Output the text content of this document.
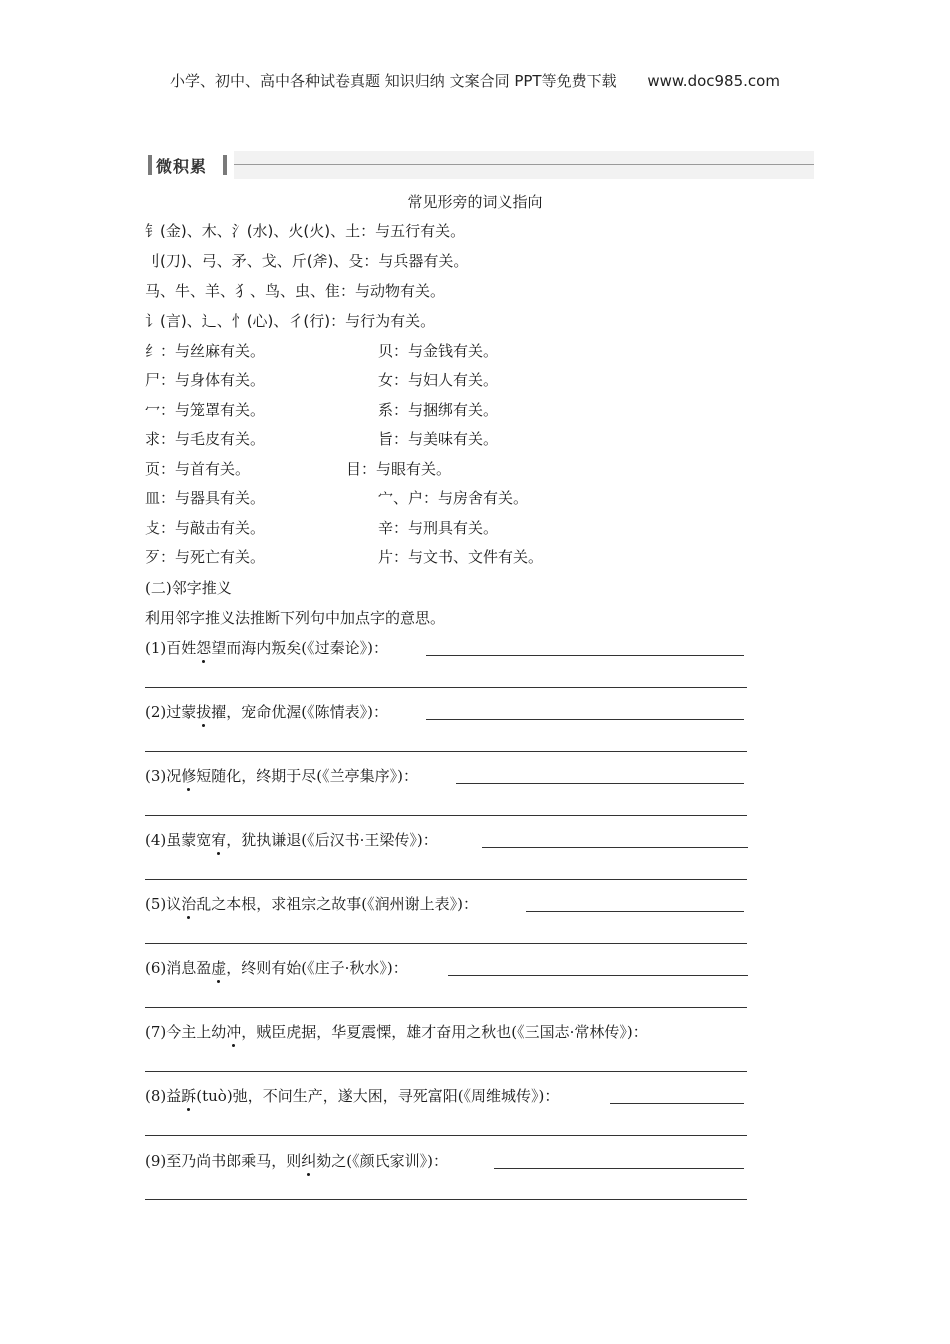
小学、初中、高中各种试卷真题 知识归纳 文案合同 PPT等免费下载 www.doc985.com
微积累
常见形旁的词义指向
钅(金)、木、氵(水)、火(火)、土：与五行有关。
刂(刀)、弓、矛、戈、斤(斧)、殳：与兵器有关。
马、牛、羊、犭、鸟、虫、隹：与动物有关。
讠(言)、辶、忄(心)、彳(行)：与行为有关。
纟：与丝麻有关。	贝：与金钱有关。
尸：与身体有关。	女：与妇人有关。
冖：与笼罩有关。	系：与捆绑有关。
求：与毛皮有关。	旨：与美味有关。
页：与首有关。	目：与眼有关。
皿：与器具有关。	宀、户：与房舍有关。
攴：与敲击有关。	辛：与刑具有关。
歹：与死亡有关。	片：与文书、文件有关。
(二)邻字推义
利用邻字推义法推断下列句中加点字的意思。
(1)百姓怨望而海内叛矣(《过秦论》)：
(2)过蒙拔擢，宠命优渥(《陈情表》)：
(3)况修短随化，终期于尽(《兰亭集序》)：
(4)虽蒙宽宥，犹执谦退(《后汉书·王梁传》)：
(5)议治乱之本根，求祖宗之故事(《润州谢上表》)：
(6)消息盈虚，终则有始(《庄子·秋水》)：
(7)今主上幼冲，贼臣虎据，华夏震慄，雄才奋用之秋也(《三国志·常林传》)：
(8)益跅(tuò)弛，不问生产，遂大困，寻死富阳(《周维城传》)：
(9)至乃尚书郎乘马，则纠劾之(《颜氏家训》)：
